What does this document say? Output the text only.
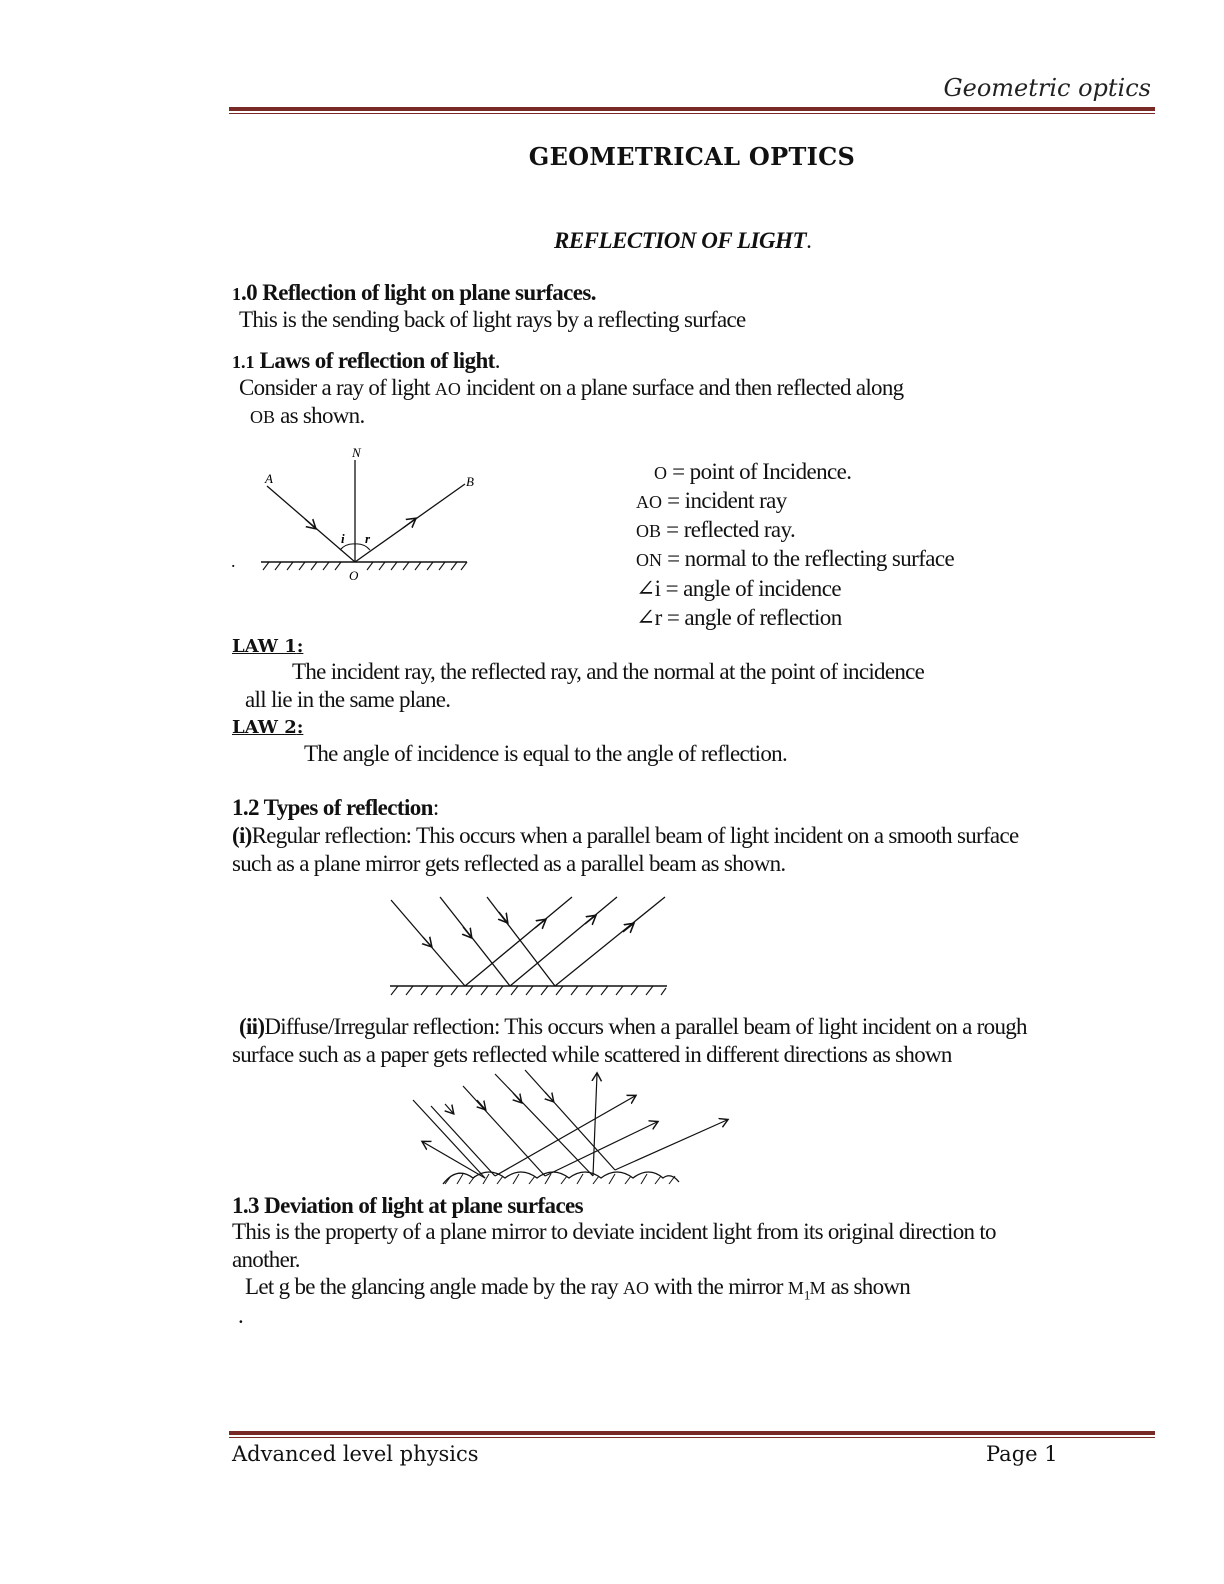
Geometric optics
GEOMETRICAL OPTICS
REFLECTION OF LIGHT.
1.0 Reflection of light on plane surfaces.
This is the sending back of light rays by a reflecting surface
1.1 Laws of reflection of light.
Consider a ray of light AO incident on a plane surface and then reflected along
OB as shown.
.
N
A	B
i r
O
O = point of Incidence.
AO = incident ray
OB = reflected ray.
ON = normal to the reflecting surface
∠i = angle of incidence
∠r = angle of reflection
LAW 1:
The incident ray, the reflected ray, and the normal at the point of incidence
all lie in the same plane.
LAW 2:
The angle of incidence is equal to the angle of reflection.
1.2 Types of reflection:
(i)Regular reflection: This occurs when a parallel beam of light incident on a smooth surface
such as a plane mirror gets reflected as a parallel beam as shown.
(ii)Diffuse/Irregular reflection: This occurs when a parallel beam of light incident on a rough
surface such as a paper gets reflected while scattered in different directions as shown
1.3 Deviation of light at plane surfaces
This is the property of a plane mirror to deviate incident light from its original direction to
another.
Let g be the glancing angle made by the ray AO with the mirror $M_1M$ as shown
.
Advanced level physics	Page 1
